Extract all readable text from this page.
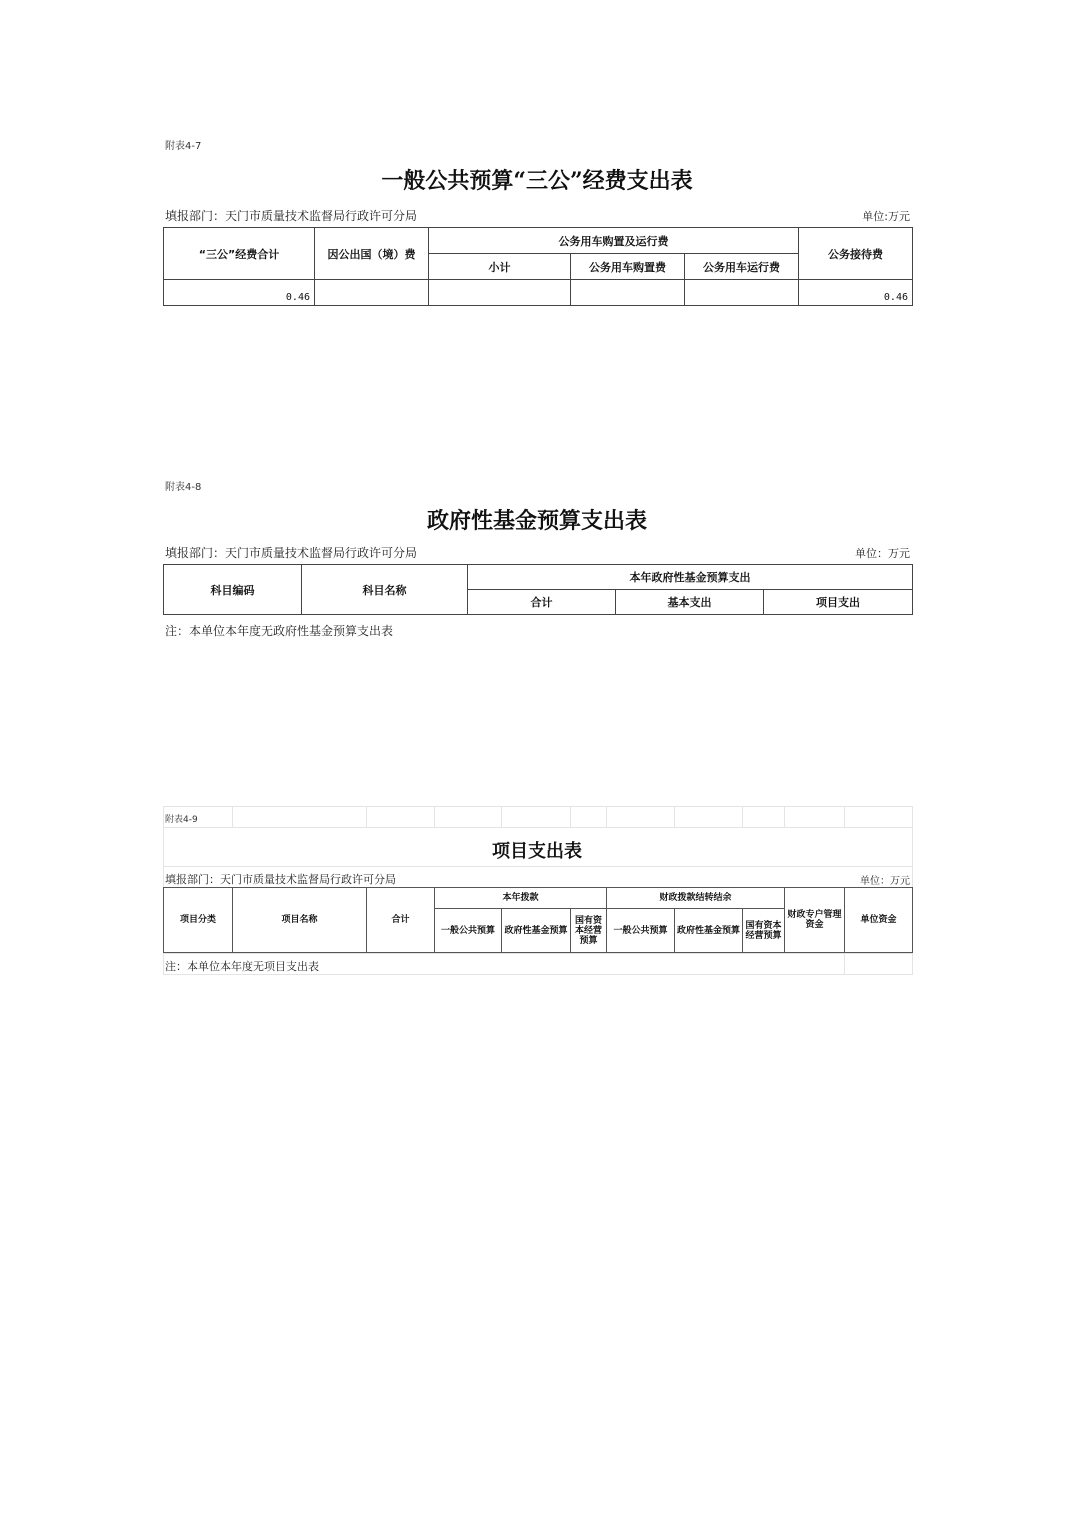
附表4-7
一般公共预算“三公”经费支出表
填报部门：天门市质量技术监督局行政许可分局	单位:万元
“三公”经费合计	因公出国（境）费	公务用车购置及运行费			公务接待费
		小计	公务用车购置费	公务用车运行费	
0.46					0.46
附表4-8
政府性基金预算支出表
填报部门：天门市质量技术监督局行政许可分局	单位：万元
科目编码	科目名称	本年政府性基金预算支出		
		合计	基本支出	项目支出
注：本单位本年度无政府性基金预算支出表

附表4-9
项目支出表
填报部门：天门市质量技术监督局行政许可分局	单位：万元
项目分类	项目名称	合计	本年拨款			财政拨款结转结余			财政专户管理资金	单位资金
			一般公共预算	政府性基金预算	国有资本经营预算	一般公共预算	政府性基金预算	国有资本经营预算		

注：本单位本年度无项目支出表
